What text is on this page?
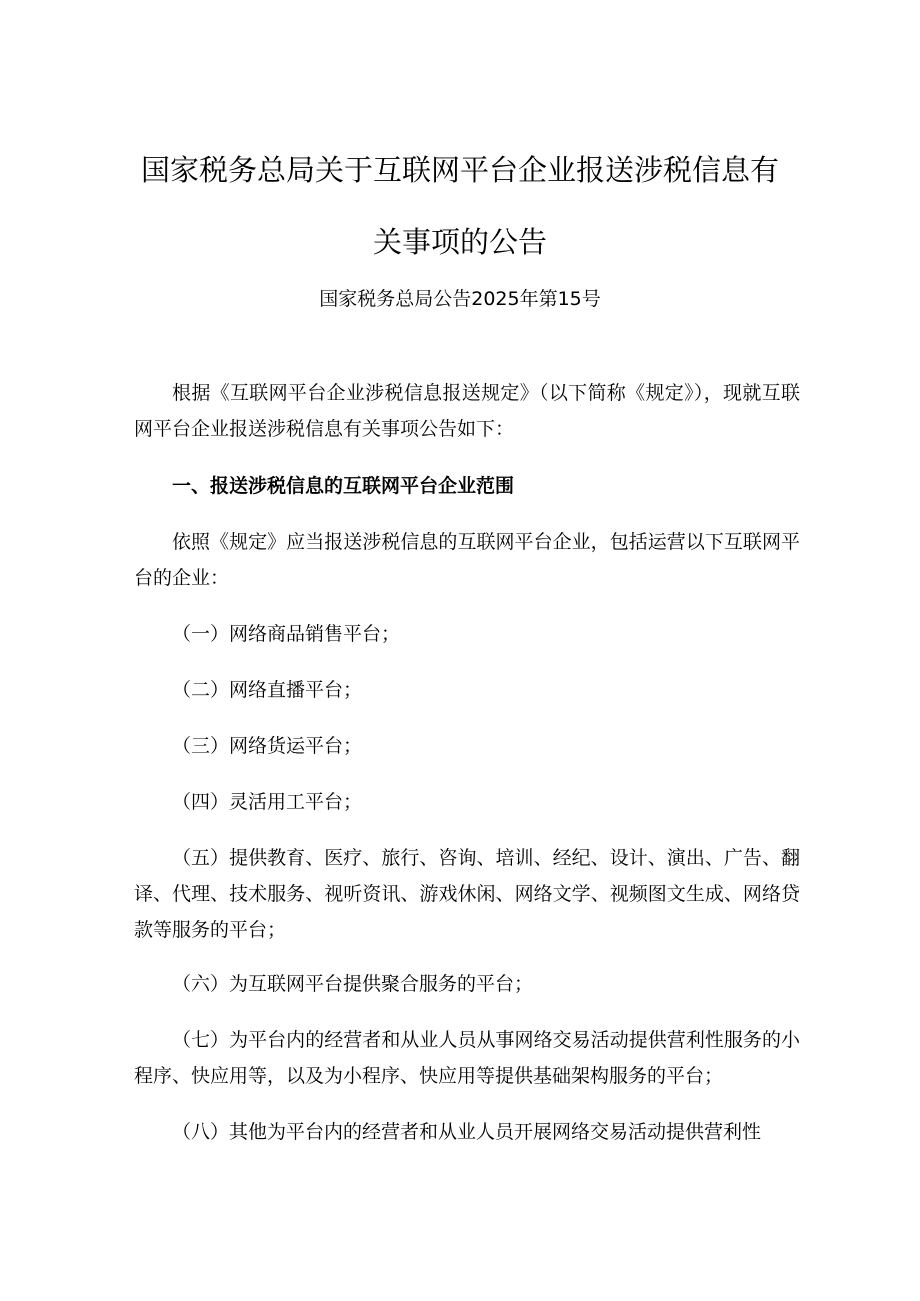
国家税务总局关于互联网平台企业报送涉税信息有
关事项的公告
国家税务总局公告2025年第15号

根据《互联网平台企业涉税信息报送规定》（以下简称《规定》），现就互联网平台企业报送涉税信息有关事项公告如下：

一、报送涉税信息的互联网平台企业范围

依照《规定》应当报送涉税信息的互联网平台企业，包括运营以下互联网平台的企业：

（一）网络商品销售平台；

（二）网络直播平台；

（三）网络货运平台；

（四）灵活用工平台；

（五）提供教育、医疗、旅行、咨询、培训、经纪、设计、演出、广告、翻译、代理、技术服务、视听资讯、游戏休闲、网络文学、视频图文生成、网络贷款等服务的平台；

（六）为互联网平台提供聚合服务的平台；

（七）为平台内的经营者和从业人员从事网络交易活动提供营利性服务的小程序、快应用等，以及为小程序、快应用等提供基础架构服务的平台；

（八）其他为平台内的经营者和从业人员开展网络交易活动提供营利性
